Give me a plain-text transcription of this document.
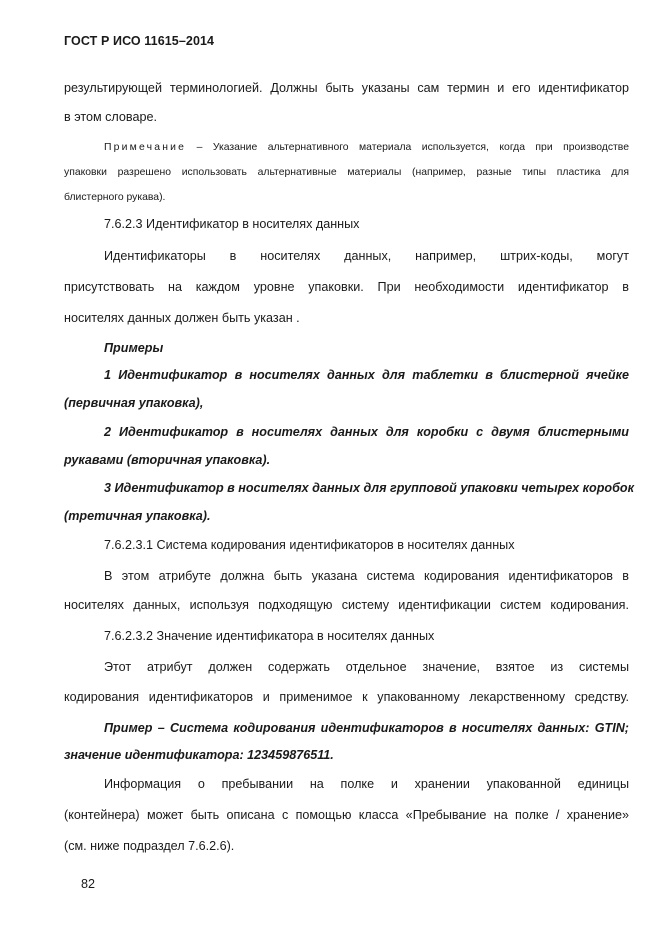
ГОСТ Р ИСО 11615–2014
результирующей терминологией. Должны быть указаны сам термин и его идентификатор
в этом словаре.
Примечание – Указание альтернативного материала используется, когда при производстве
упаковки разрешено использовать альтернативные материалы (например, разные типы пластика для
блистерного рукава).
7.6.2.3 Идентификатор в носителях данных
Идентификаторы в носителях данных, например, штрих-коды, могут
присутствовать на каждом уровне упаковки. При необходимости идентификатор в
носителях данных должен быть указан .
Примеры
1 Идентификатор в носителях данных для таблетки в блистерной ячейке
(первичная упаковка),
2 Идентификатор в носителях данных для коробки с двумя блистерными
рукавами (вторичная упаковка).
3 Идентификатор в носителях данных для групповой упаковки четырех коробок
(третичная упаковка).
7.6.2.3.1 Система кодирования идентификаторов в носителях данных
В этом атрибуте должна быть указана система кодирования идентификаторов в
носителях данных, используя подходящую систему идентификации систем кодирования.
7.6.2.3.2 Значение идентификатора в носителях данных
Этот атрибут должен содержать отдельное значение, взятое из системы
кодирования идентификаторов и применимое к упакованному лекарственному средству.
Пример – Система кодирования идентификаторов в носителях данных: GTIN;
значение идентификатора: 123459876511.
Информация о пребывании на полке и хранении упакованной единицы
(контейнера) может быть описана с помощью класса «Пребывание на полке / хранение»
(см. ниже подраздел 7.6.2.6).
82
